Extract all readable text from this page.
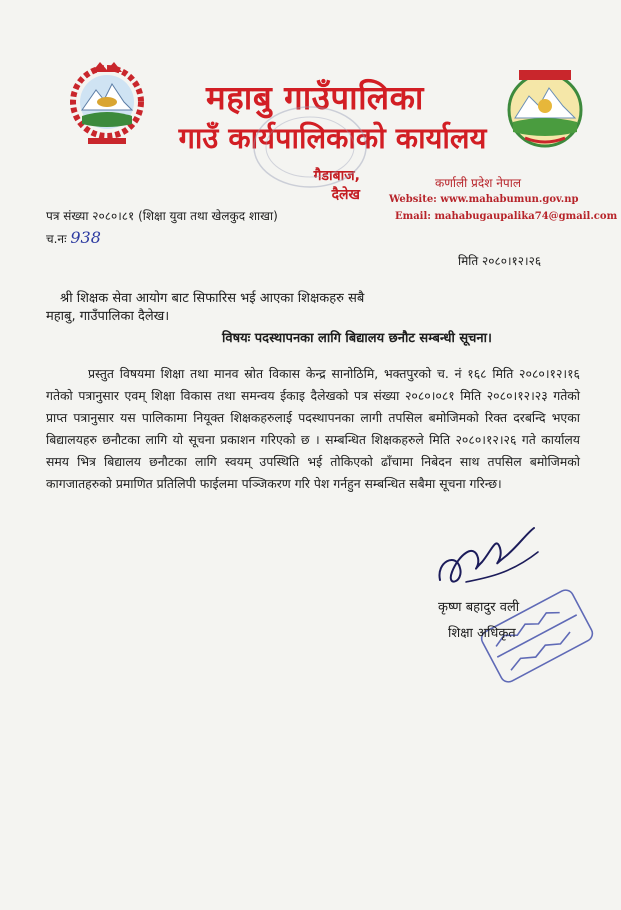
महाबु गाउँपालिका
गाउँ कार्यपालिकाको कार्यालय
गैडाबाज, दैलेख
कर्णाली प्रदेश नेपाल
Website: www.mahabumun.gov.np
Email: mahabugaupalika74@gmail.com
पत्र संख्या २०८०।८१ (शिक्षा युवा तथा खेलकुद शाखा)
च.नः 938
मिति २०८०।१२।२६
श्री शिक्षक सेवा आयोग बाट सिफारिस भई आएका शिक्षकहरु सबै
महाबु, गाउँपालिका दैलेख।
विषयः पदस्थापनका लागि बिद्यालय छनौट सम्बन्धी सूचना।
प्रस्तुत विषयमा शिक्षा तथा मानव स्रोत विकास केन्द्र सानोठिमि, भक्तपुरको च. नं १६८ मिति २०८०।१२।१६ गतेको पत्रानुसार एवम् शिक्षा विकास तथा समन्वय ईकाइ दैलेखको पत्र संख्या २०८०।०८१ मिति २०८०।१२।२३ गतेको प्राप्त पत्रानुसार यस पालिकामा नियूक्त शिक्षकहरुलाई पदस्थापनका लागी तपसिल बमोजिमको रिक्त दरबन्दि भएका बिद्यालयहरु छनौटका लागि यो सूचना प्रकाशन गरिएको छ । सम्बन्धित शिक्षकहरुले मिति २०८०।१२।२६ गते कार्यालय समय भित्र बिद्यालय छनौटका लागि स्वयम् उपस्थिति भई तोकिएको ढाँचामा निबेदन साथ तपसिल बमोजिमको कागजातहरुको प्रमाणित प्रतिलिपी फाईलमा पञ्जिकरण गरि पेश गर्नहुन सम्बन्धित सबैमा सूचना गरिन्छ।
कृष्ण बहादुर वली
शिक्षा अधिकृत
